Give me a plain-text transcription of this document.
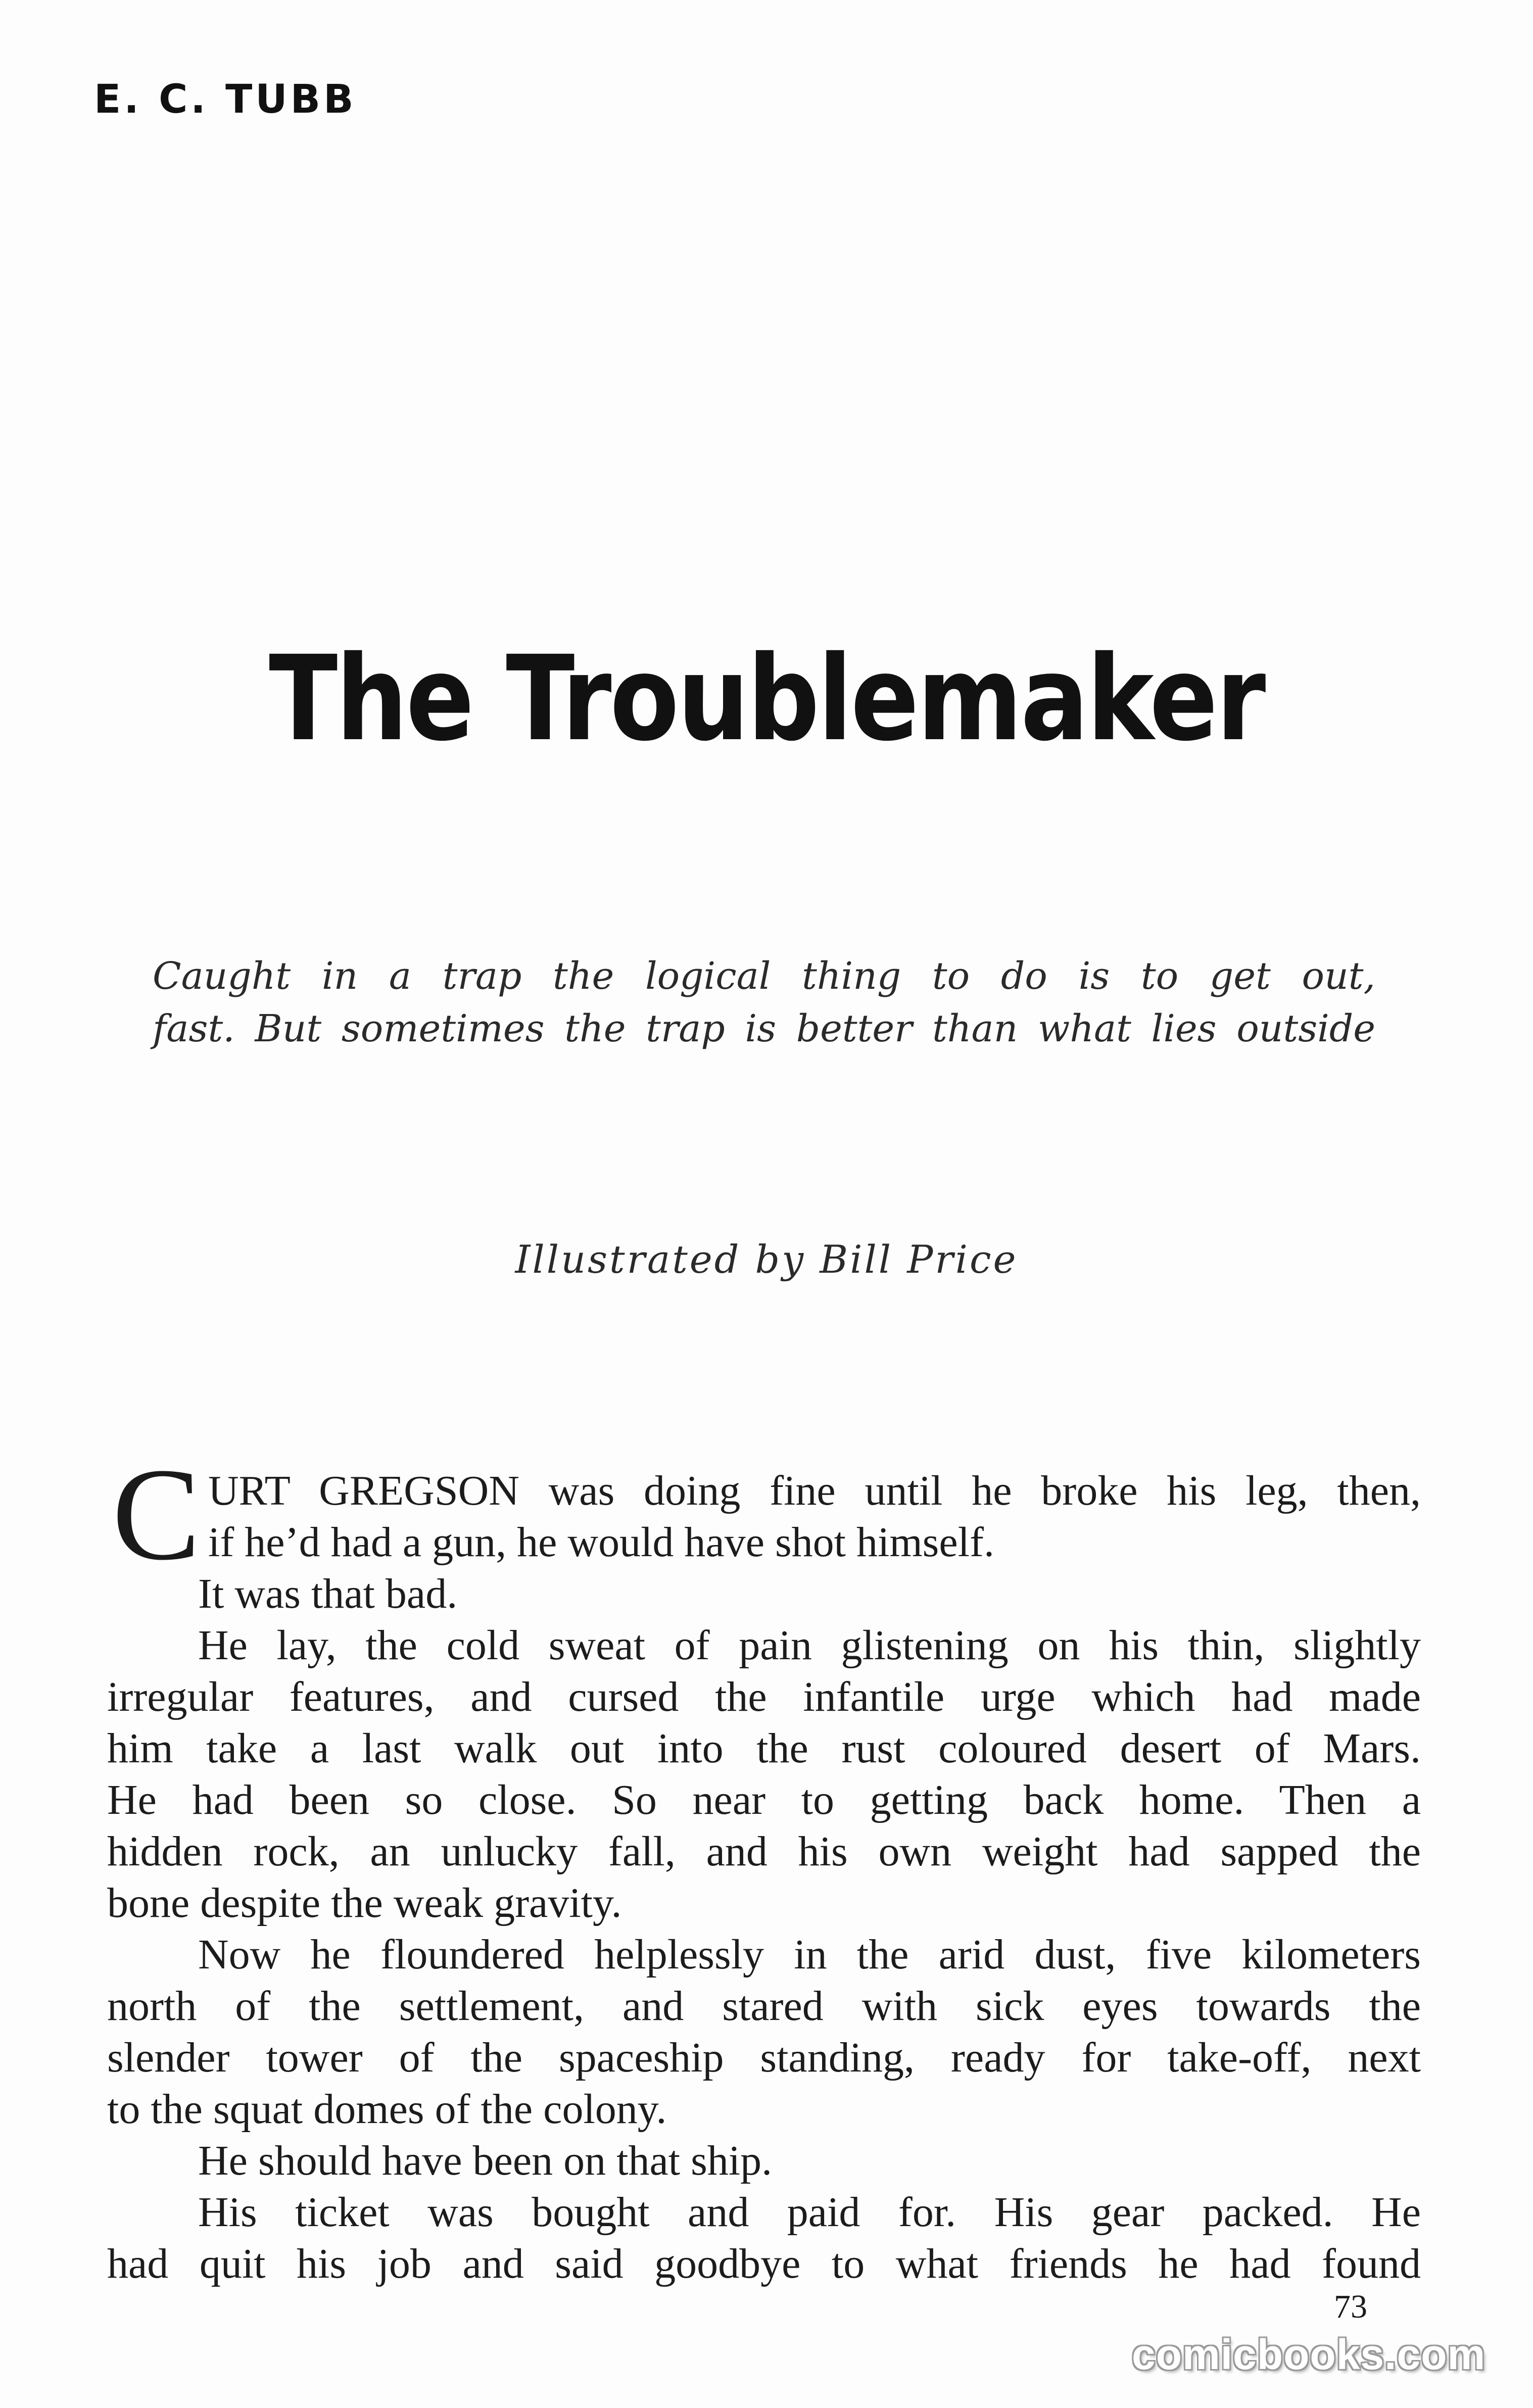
E. C. TUBB
The Troublemaker
Caught in a trap the logical thing to do is to get out,
fast. But sometimes the trap is better than what lies outside
Illustrated by Bill Price
C URT GREGSON was doing fine until he broke his leg, then,
if he’d had a gun, he would have shot himself.
It was that bad.
He lay, the cold sweat of pain glistening on his thin, slightly
irregular features, and cursed the infantile urge which had made
him take a last walk out into the rust coloured desert of Mars.
He had been so close. So near to getting back home. Then a
hidden rock, an unlucky fall, and his own weight had sapped the
bone despite the weak gravity.
Now he floundered helplessly in the arid dust, five kilometers
north of the settlement, and stared with sick eyes towards the
slender tower of the spaceship standing, ready for take-off, next
to the squat domes of the colony.
He should have been on that ship.
His ticket was bought and paid for. His gear packed. He
had quit his job and said goodbye to what friends he had found
73
comicbooks.com
